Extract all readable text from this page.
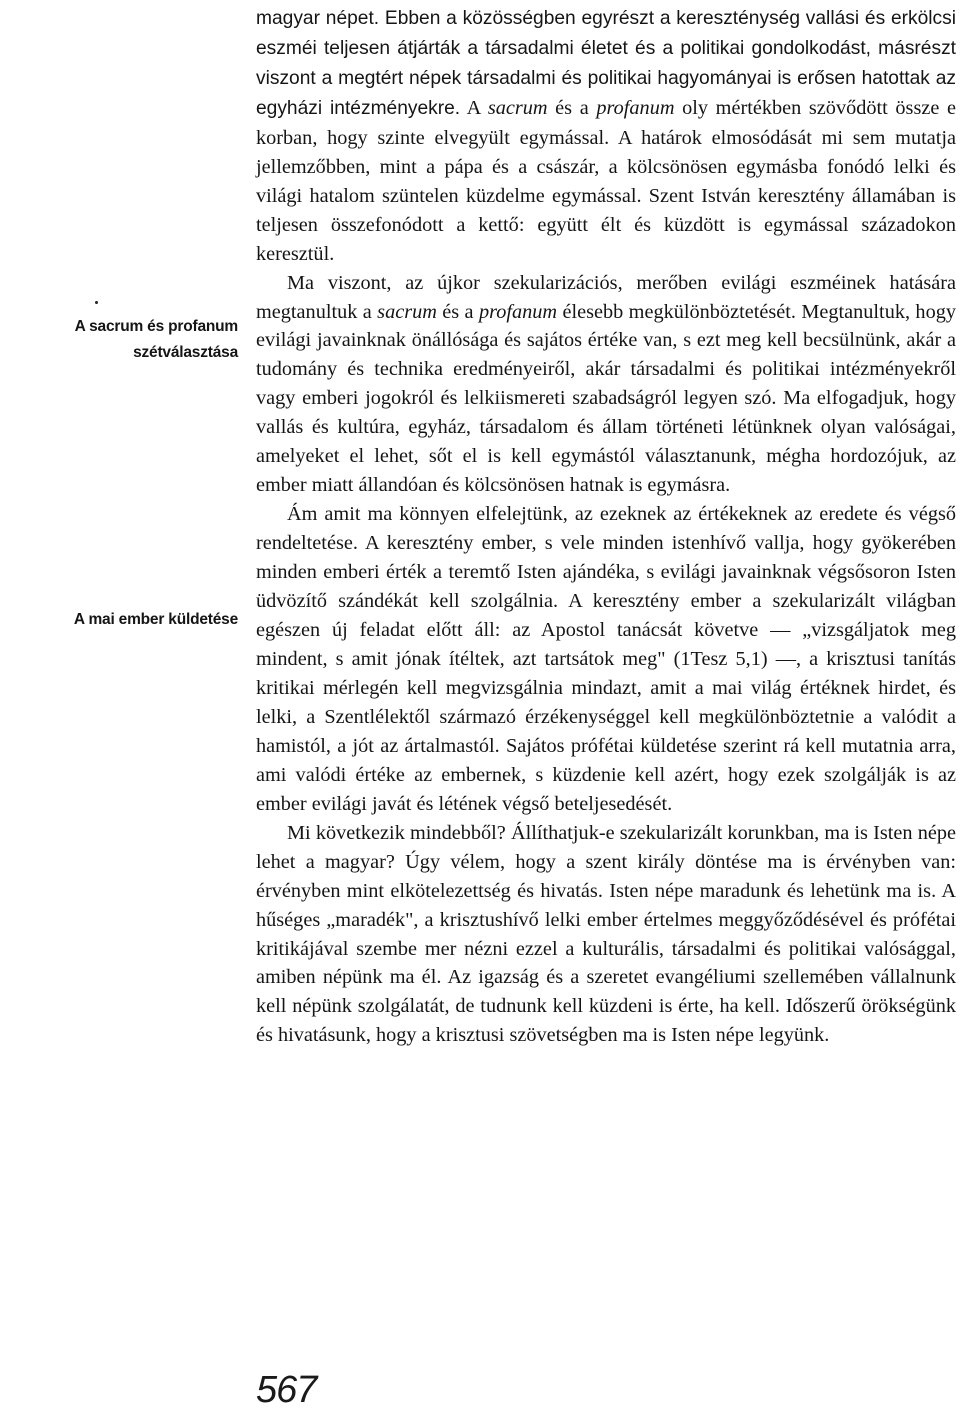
A sacrum és profanum
szétválasztása
A mai ember küldetése

magyar népet. Ebben a közösségben egyrészt a kereszténység vallási és erkölcsi eszméi teljesen átjárták a társadalmi életet és a politikai gondolkodást, másrészt viszont a megtért népek társadalmi és politikai hagyományai is erősen hatottak az egyházi intézményekre. A sacrum és a profanum oly mértékben szövődött össze e korban, hogy szinte elvegyült egymással. A határok elmosódását mi sem mutatja jellemzőbben, mint a pápa és a császár, a kölcsönösen egymásba fonódó lelki és világi hatalom szüntelen küzdelme egymással. Szent István keresztény államában is teljesen összefonódott a kettő: együtt élt és küzdött is egymással századokon keresztül.

Ma viszont, az újkor szekularizációs, merőben evilági eszméinek hatására megtanultuk a sacrum és a profanum élesebb megkülönböztetését. Megtanultuk, hogy evilági javainknak önállósága és sajátos értéke van, s ezt meg kell becsülnünk, akár a tudomány és technika eredményeiről, akár társadalmi és politikai intézményekről vagy emberi jogokról és lelkiismereti szabadságról legyen szó. Ma elfogadjuk, hogy vallás és kultúra, egyház, társadalom és állam történeti létünknek olyan valóságai, amelyeket el lehet, sőt el is kell egymástól választanunk, mégha hordozójuk, az ember miatt állandóan és kölcsönösen hatnak is egymásra.

Ám amit ma könnyen elfelejtünk, az ezeknek az értékeknek az eredete és végső rendeltetése. A keresztény ember, s vele minden istenhívő vallja, hogy gyökerében minden emberi érték a teremtő Isten ajándéka, s evilági javainknak végsősoron Isten üdvözítő szándékát kell szolgálnia. A keresztény ember a szekularizált világban egészen új feladat előtt áll: az Apostol tanácsát követve — „vizsgáljatok meg mindent, s amit jónak ítéltek, azt tartsátok meg" (1Tesz 5,1) —, a krisztusi tanítás kritikai mérlegén kell megvizsgálnia mindazt, amit a mai világ értéknek hirdet, és lelki, a Szentlélektől származó érzékenységgel kell megkülönböztetnie a valódit a hamistól, a jót az ártalmastól. Sajátos prófétai küldetése szerint rá kell mutatnia arra, ami valódi értéke az embernek, s küzdenie kell azért, hogy ezek szolgálják is az ember evilági javát és létének végső beteljesedését.

Mi következik mindebből? Állíthatjuk-e szekularizált korunkban, ma is Isten népe lehet a magyar? Úgy vélem, hogy a szent király döntése ma is érvényben van: érvényben mint elkötelezettség és hivatás. Isten népe maradunk és lehetünk ma is. A hűséges „maradék", a krisztushívő lelki ember értelmes meggyőződésével és prófétai kritikájával szembe mer nézni ezzel a kulturális, társadalmi és politikai valósággal, amiben népünk ma él. Az igazság és a szeretet evangéliumi szellemében vállalnunk kell népünk szolgálatát, de tudnunk kell küzdeni is érte, ha kell. Időszerű örökségünk és hivatásunk, hogy a krisztusi szövetségben ma is Isten népe legyünk.

567
